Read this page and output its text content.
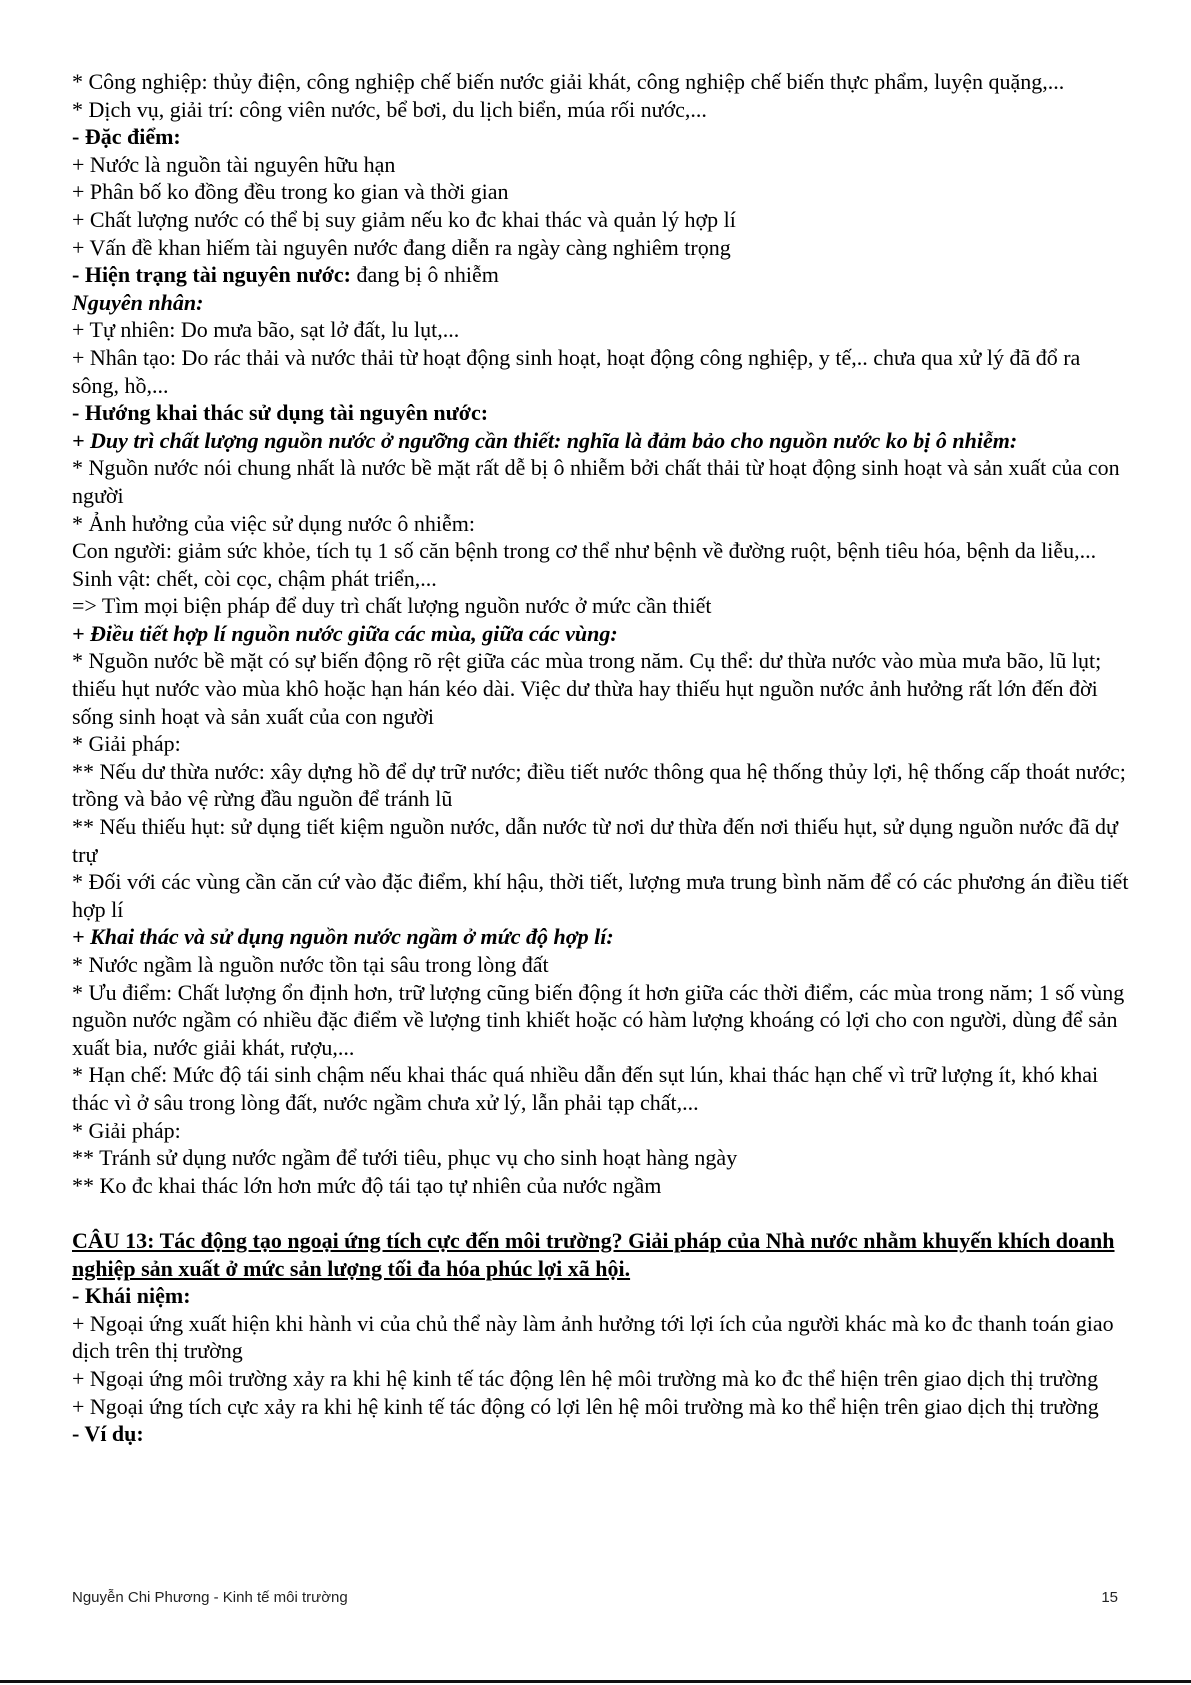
* Công nghiệp: thủy điện, công nghiệp chế biến nước giải khát, công nghiệp chế biến thực phẩm, luyện quặng,...

* Dịch vụ, giải trí: công viên nước, bể bơi, du lịch biển, múa rối nước,...

- Đặc điểm:

+ Nước là nguồn tài nguyên hữu hạn

+ Phân bố ko đồng đều trong ko gian và thời gian

+ Chất lượng nước có thể bị suy giảm nếu ko đc khai thác và quản lý hợp lí

+ Vấn đề khan hiếm tài nguyên nước đang diễn ra ngày càng nghiêm trọng

- Hiện trạng tài nguyên nước: đang bị ô nhiễm

Nguyên nhân:

+ Tự nhiên: Do mưa bão, sạt lở đất, lu lụt,...

+ Nhân tạo: Do rác thải và nước thải từ hoạt động sinh hoạt, hoạt động công nghiệp, y tế,.. chưa qua xử lý đã đổ ra sông, hồ,...

- Hướng khai thác sử dụng tài nguyên nước:

+ Duy trì chất lượng nguồn nước ở ngưỡng cần thiết: nghĩa là đảm bảo cho nguồn nước ko bị ô nhiễm:

* Nguồn nước nói chung nhất là nước bề mặt rất dễ bị ô nhiễm bởi chất thải từ hoạt động sinh hoạt và sản xuất của con người

* Ảnh hưởng của việc sử dụng nước ô nhiễm:

Con người: giảm sức khỏe, tích tụ 1 số căn bệnh trong cơ thể như bệnh về đường ruột, bệnh tiêu hóa, bệnh da liễu,...

Sinh vật: chết, còi cọc, chậm phát triển,...

=> Tìm mọi biện pháp để duy trì chất lượng nguồn nước ở mức cần thiết

+ Điều tiết hợp lí nguồn nước giữa các mùa, giữa các vùng:

* Nguồn nước bề mặt có sự biến động rõ rệt giữa các mùa trong năm. Cụ thể: dư thừa nước vào mùa mưa bão, lũ lụt; thiếu hụt nước vào mùa khô hoặc hạn hán kéo dài. Việc dư thừa hay thiếu hụt nguồn nước ảnh hưởng rất lớn đến đời sống sinh hoạt và sản xuất của con người

* Giải pháp:

** Nếu dư thừa nước: xây dựng hồ để dự trữ nước; điều tiết nước thông qua hệ thống thủy lợi, hệ thống cấp thoát nước; trồng và bảo vệ rừng đầu nguồn để tránh lũ

** Nếu thiếu hụt: sử dụng tiết kiệm nguồn nước, dẫn nước từ nơi dư thừa đến nơi thiếu hụt, sử dụng nguồn nước đã dự trự

* Đối với các vùng cần căn cứ vào đặc điểm, khí hậu, thời tiết, lượng mưa trung bình năm để có các phương án điều tiết hợp lí

+ Khai thác và sử dụng nguồn nước ngầm ở mức độ hợp lí:

* Nước ngầm là nguồn nước tồn tại sâu trong lòng đất

* Ưu điểm: Chất lượng ổn định hơn, trữ lượng cũng biến động ít hơn giữa các thời điểm, các mùa trong năm; 1 số vùng nguồn nước ngầm có nhiều đặc điểm về lượng tinh khiết hoặc có hàm lượng khoáng có lợi cho con người, dùng để sản xuất bia, nước giải khát, rượu,...

* Hạn chế: Mức độ tái sinh chậm nếu khai thác quá nhiều dẫn đến sụt lún, khai thác hạn chế vì trữ lượng ít, khó khai thác vì ở sâu trong lòng đất, nước ngầm chưa xử lý, lẫn phải tạp chất,...

* Giải pháp:

** Tránh sử dụng nước ngầm để tưới tiêu, phục vụ cho sinh hoạt hàng ngày

** Ko đc khai thác lớn hơn mức độ tái tạo tự nhiên của nước ngầm

CÂU 13: Tác động tạo ngoại ứng tích cực đến môi trường? Giải pháp của Nhà nước nhằm khuyến khích doanh nghiệp sản xuất ở mức sản lượng tối đa hóa phúc lợi xã hội.

- Khái niệm:

+ Ngoại ứng xuất hiện khi hành vi của chủ thể này làm ảnh hưởng tới lợi ích của người khác mà ko đc thanh toán giao dịch trên thị trường

+ Ngoại ứng môi trường xảy ra khi hệ kinh tế tác động lên hệ môi trường mà ko đc thể hiện trên giao dịch thị trường

+ Ngoại ứng tích cực xảy ra khi hệ kinh tế tác động có lợi lên hệ môi trường mà ko thể hiện trên giao dịch thị trường

- Ví dụ:

Nguyễn Chi Phương - Kinh tế môi trường	15
